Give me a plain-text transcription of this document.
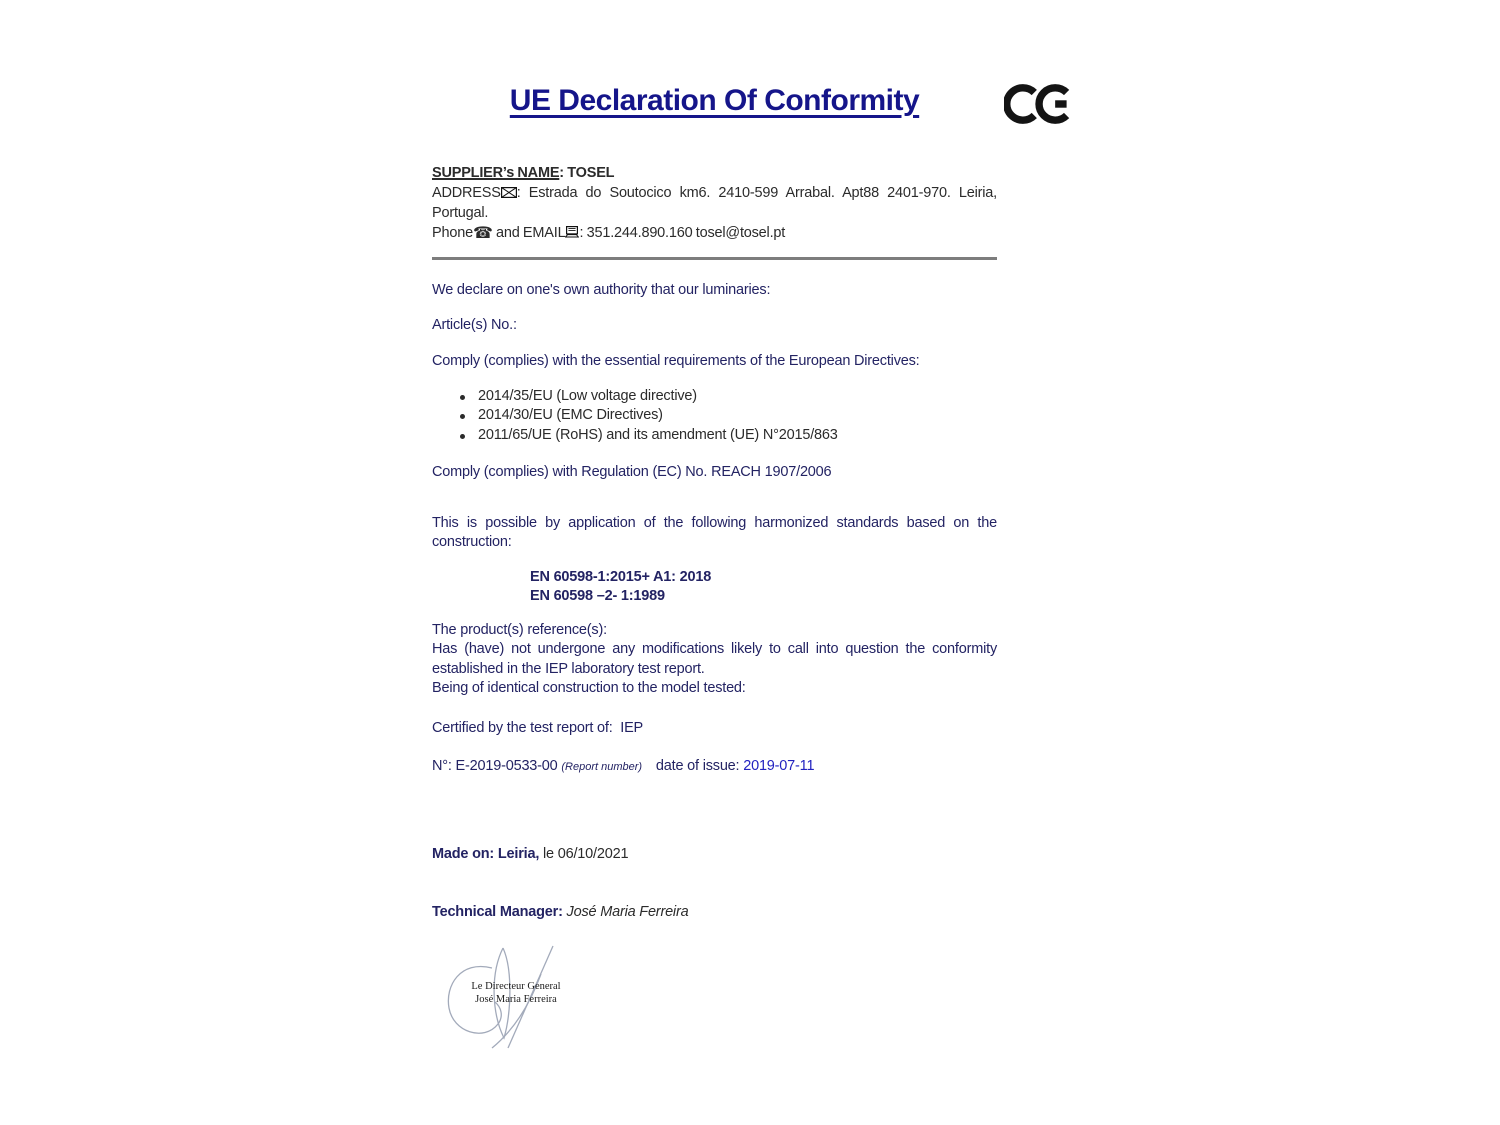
UE Declaration Of Conformity

SUPPLIER’s NAME: TOSEL

ADDRESS : Estrada do Soutocico km6. 2410-599 Arrabal. Apt88 2401-970. Leiria, Portugal.

Phone☎ and EMAIL : 351.244.890.160 tosel@tosel.pt

We declare on one's own authority that our luminaries:

Article(s) No.:

Comply (complies) with the essential requirements of the European Directives:

2014/35/EU (Low voltage directive)
2014/30/EU (EMC Directives)
2011/65/UE (RoHS) and its amendment (UE) N°2015/863

Comply (complies) with Regulation (EC) No. REACH 1907/2006

This is possible by application of the following harmonized standards based on the construction:

EN 60598-1:2015+ A1: 2018
EN 60598 –2- 1:1989

The product(s) reference(s):

Has (have) not undergone any modifications likely to call into question the conformity established in the IEP laboratory test report.

Being of identical construction to the model tested:

Certified by the test report of:  IEP

N°: E-2019-0533-00 (Report number) date of issue: 2019-07-11

Made on: Leiria, le 06/10/2021

Technical Manager: José Maria Ferreira

Le Directeur General
José Maria Ferreira
